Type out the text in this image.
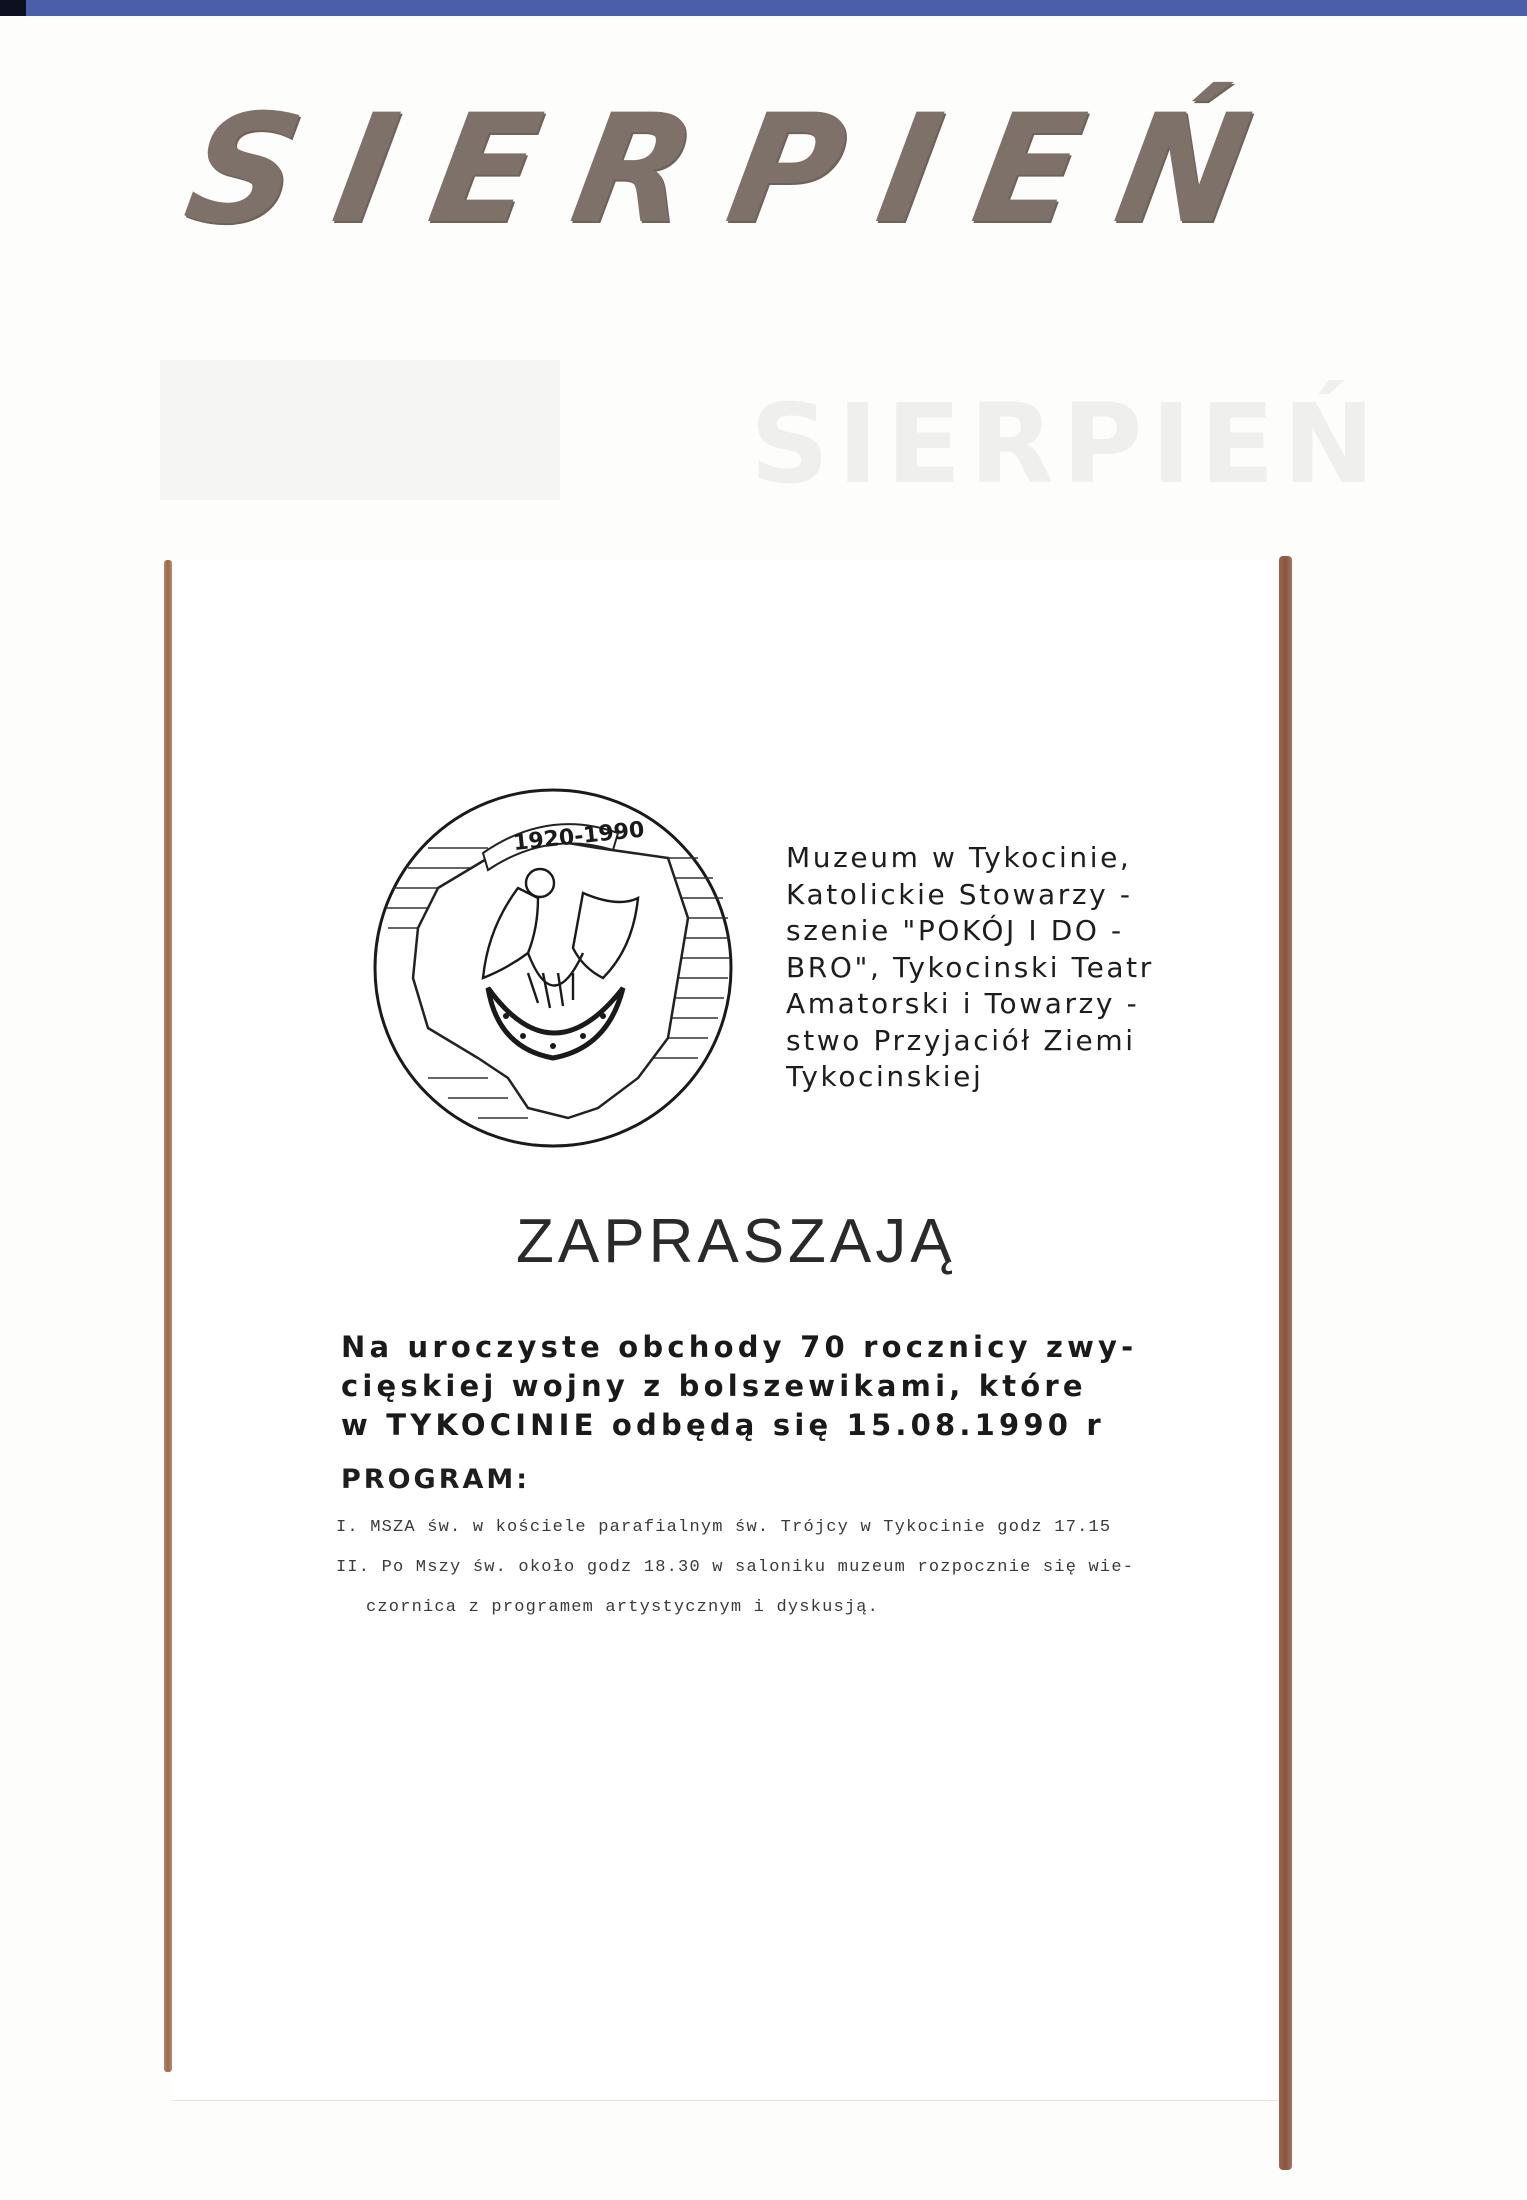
SIERPIEŃ
SIERPIEŃ
1920-1990
Muzeum w Tykocinie,
Katolickie Stowarzy -
szenie "POKÓJ I DO -
BRO", Tykocinski Teatr
Amatorski i Towarzy -
stwo Przyjaciół Ziemi
Tykocinskiej
ZAPRASZAJĄ
Na uroczyste obchody 70 rocznicy zwy-
cięskiej wojny z bolszewikami, które
w TYKOCINIE odbędą się 15.08.1990 r
PROGRAM:
I. MSZA św. w kościele parafialnym św. Trójcy w Tykocinie godz 17.15
II. Po Mszy św. około godz 18.30 w saloniku muzeum rozpocznie się wie-
czornica z programem artystycznym i dyskusją.
